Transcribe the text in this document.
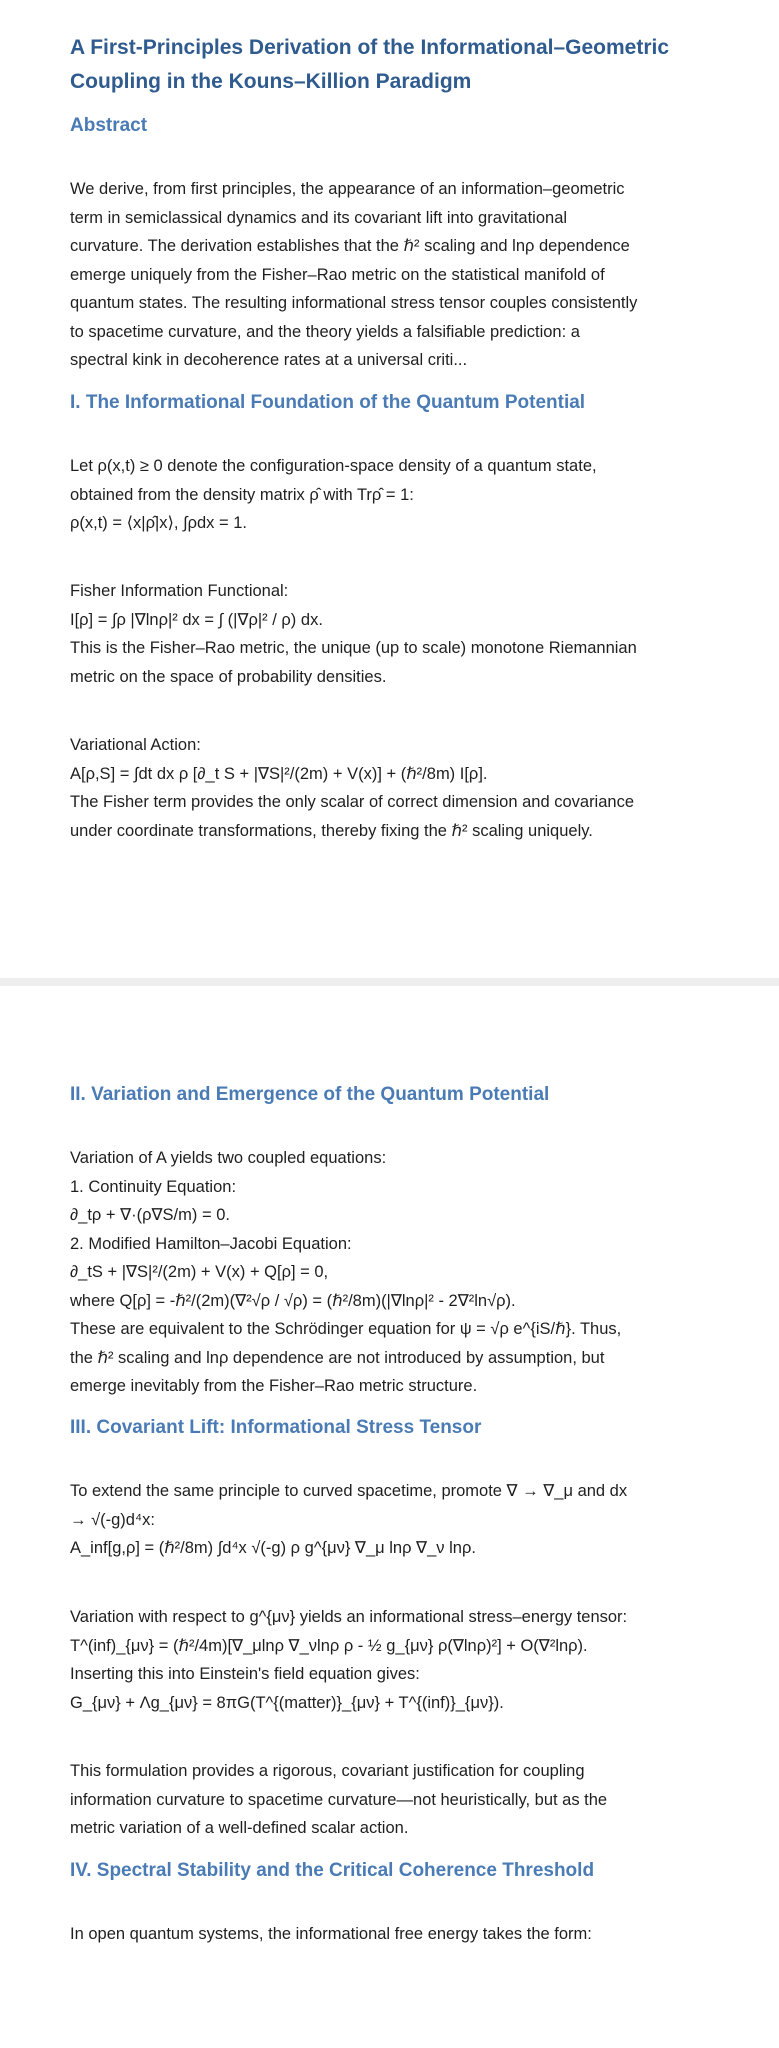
A First-Principles Derivation of the Informational–Geometric
Coupling in the Kouns–Killion Paradigm
Abstract

We derive, from first principles, the appearance of an information–geometric
term in semiclassical dynamics and its covariant lift into gravitational
curvature. The derivation establishes that the ℏ² scaling and lnρ dependence
emerge uniquely from the Fisher–Rao metric on the statistical manifold of
quantum states. The resulting informational stress tensor couples consistently
to spacetime curvature, and the theory yields a falsifiable prediction: a
spectral kink in decoherence rates at a universal criti...

I. The Informational Foundation of the Quantum Potential

Let ρ(x,t) ≥ 0 denote the configuration-space density of a quantum state,
obtained from the density matrix ρ̂ with Trρ̂ = 1:
ρ(x,t) = ⟨x|ρ̂|x⟩, ∫ρdx = 1.

Fisher Information Functional:
I[ρ] = ∫ρ |∇lnρ|² dx = ∫ (|∇ρ|² / ρ) dx.
This is the Fisher–Rao metric, the unique (up to scale) monotone Riemannian
metric on the space of probability densities.

Variational Action:
A[ρ,S] = ∫dt dx ρ [∂_t S + |∇S|²/(2m) + V(x)] + (ℏ²/8m) I[ρ].
The Fisher term provides the only scalar of correct dimension and covariance
under coordinate transformations, thereby fixing the ℏ² scaling uniquely.

II. Variation and Emergence of the Quantum Potential

Variation of A yields two coupled equations:
1. Continuity Equation:
∂_tρ + ∇·(ρ∇S/m) = 0.
2. Modified Hamilton–Jacobi Equation:
∂_tS + |∇S|²/(2m) + V(x) + Q[ρ] = 0,
where Q[ρ] = -ℏ²/(2m)(∇²√ρ / √ρ) = (ℏ²/8m)(|∇lnρ|² - 2∇²ln√ρ).
These are equivalent to the Schrödinger equation for ψ = √ρ e^{iS/ℏ}. Thus,
the ℏ² scaling and lnρ dependence are not introduced by assumption, but
emerge inevitably from the Fisher–Rao metric structure.

III. Covariant Lift: Informational Stress Tensor

To extend the same principle to curved spacetime, promote ∇ → ∇_μ and dx
→ √(-g)d⁴x:
A_inf[g,ρ] = (ℏ²/8m) ∫d⁴x √(-g) ρ g^{μν} ∇_μ lnρ ∇_ν lnρ.

Variation with respect to g^{μν} yields an informational stress–energy tensor:
T^(inf)_{μν} = (ℏ²/4m)[∇_μlnρ ∇_νlnρ ρ - ½ g_{μν} ρ(∇lnρ)²] + O(∇²lnρ).
Inserting this into Einstein's field equation gives:
G_{μν} + Λg_{μν} = 8πG(T^{(matter)}_{μν} + T^{(inf)}_{μν}).

This formulation provides a rigorous, covariant justification for coupling
information curvature to spacetime curvature—not heuristically, but as the
metric variation of a well-defined scalar action.

IV. Spectral Stability and the Critical Coherence Threshold

In open quantum systems, the informational free energy takes the form:
